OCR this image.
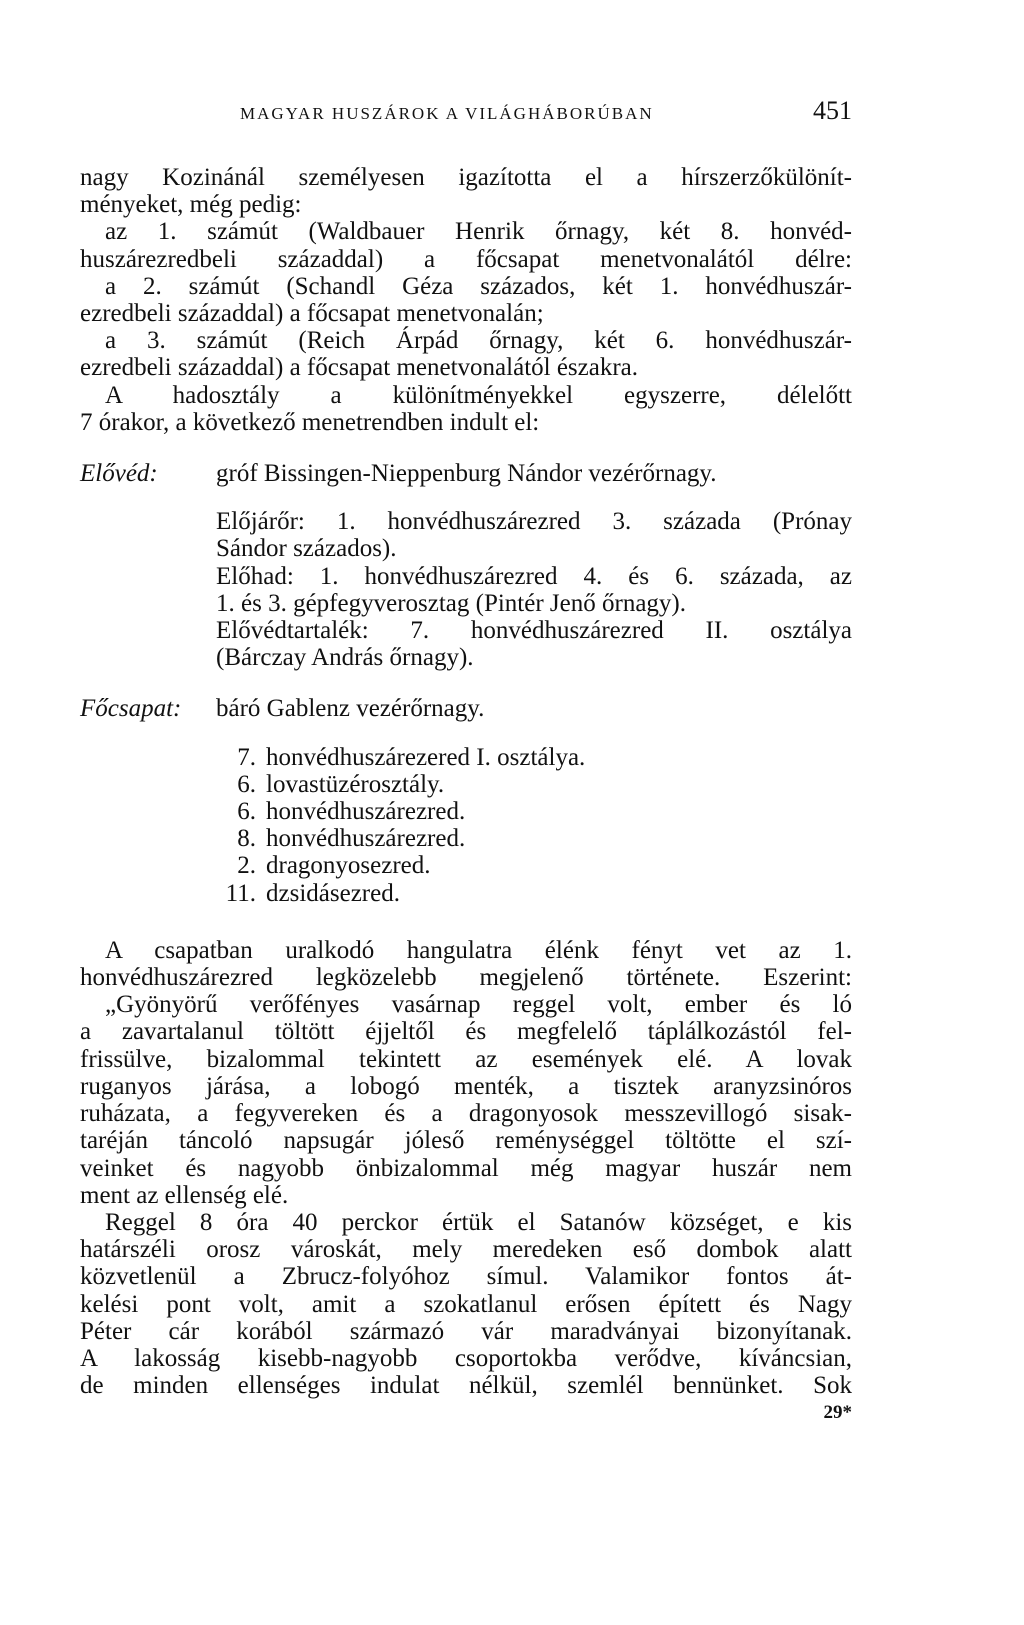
MAGYAR HUSZÁROK A VILÁGHÁBORÚBAN	451
nagy Kozinánál személyesen igazította el a hírszerzőkülönít-
ményeket, még pedig:
az 1. számút (Waldbauer Henrik őrnagy, két 8. honvéd-
huszárezredbeli századdal) a főcsapat menetvonalától délre:
a 2. számút (Schandl Géza százados, két 1. honvédhuszár-
ezredbeli századdal) a főcsapat menetvonalán;
a 3. számút (Reich Árpád őrnagy, két 6. honvédhuszár-
ezredbeli századdal) a főcsapat menetvonalától északra.
A hadosztály a különítményekkel egyszerre, délelőtt
7 órakor, a következő menetrendben indult el:
Elővéd:	gróf Bissingen-Nieppenburg Nándor vezérőrnagy.
Előjárőr: 1. honvédhuszárezred 3. százada (Prónay
Sándor százados).
Előhad: 1. honvédhuszárezred 4. és 6. százada, az
1. és 3. gépfegyverosztag (Pintér Jenő őrnagy).
Elővédtartalék: 7. honvédhuszárezred II. osztálya
(Bárczay András őrnagy).
Főcsapat:	báró Gablenz vezérőrnagy.
7. honvédhuszárezered I. osztálya.
6. lovastüzérosztály.
6. honvédhuszárezred.
8. honvédhuszárezred.
2. dragonyosezred.
11. dzsidásezred.
A csapatban uralkodó hangulatra élénk fényt vet az 1.
honvédhuszárezred legközelebb megjelenő története. Eszerint:
„Gyönyörű verőfényes vasárnap reggel volt, ember és ló
a zavartalanul töltött éjjeltől és megfelelő táplálkozástól fel-
frissülve, bizalommal tekintett az események elé. A lovak
ruganyos járása, a lobogó menték, a tisztek aranyzsinóros
ruházata, a fegyvereken és a dragonyosok messzevillogó sisak-
taréján táncoló napsugár jóleső reménységgel töltötte el szí-
veinket és nagyobb önbizalommal még magyar huszár nem
ment az ellenség elé.
Reggel 8 óra 40 perckor értük el Satanów községet, e kis
határszéli orosz városkát, mely meredeken eső dombok alatt
közvetlenül a Zbrucz-folyóhoz símul. Valamikor fontos át-
kelési pont volt, amit a szokatlanul erősen épített és Nagy
Péter cár korából származó vár maradványai bizonyítanak.
A lakosság kisebb-nagyobb csoportokba verődve, kíváncsian,
de minden ellenséges indulat nélkül, szemlél bennünket. Sok
29*
